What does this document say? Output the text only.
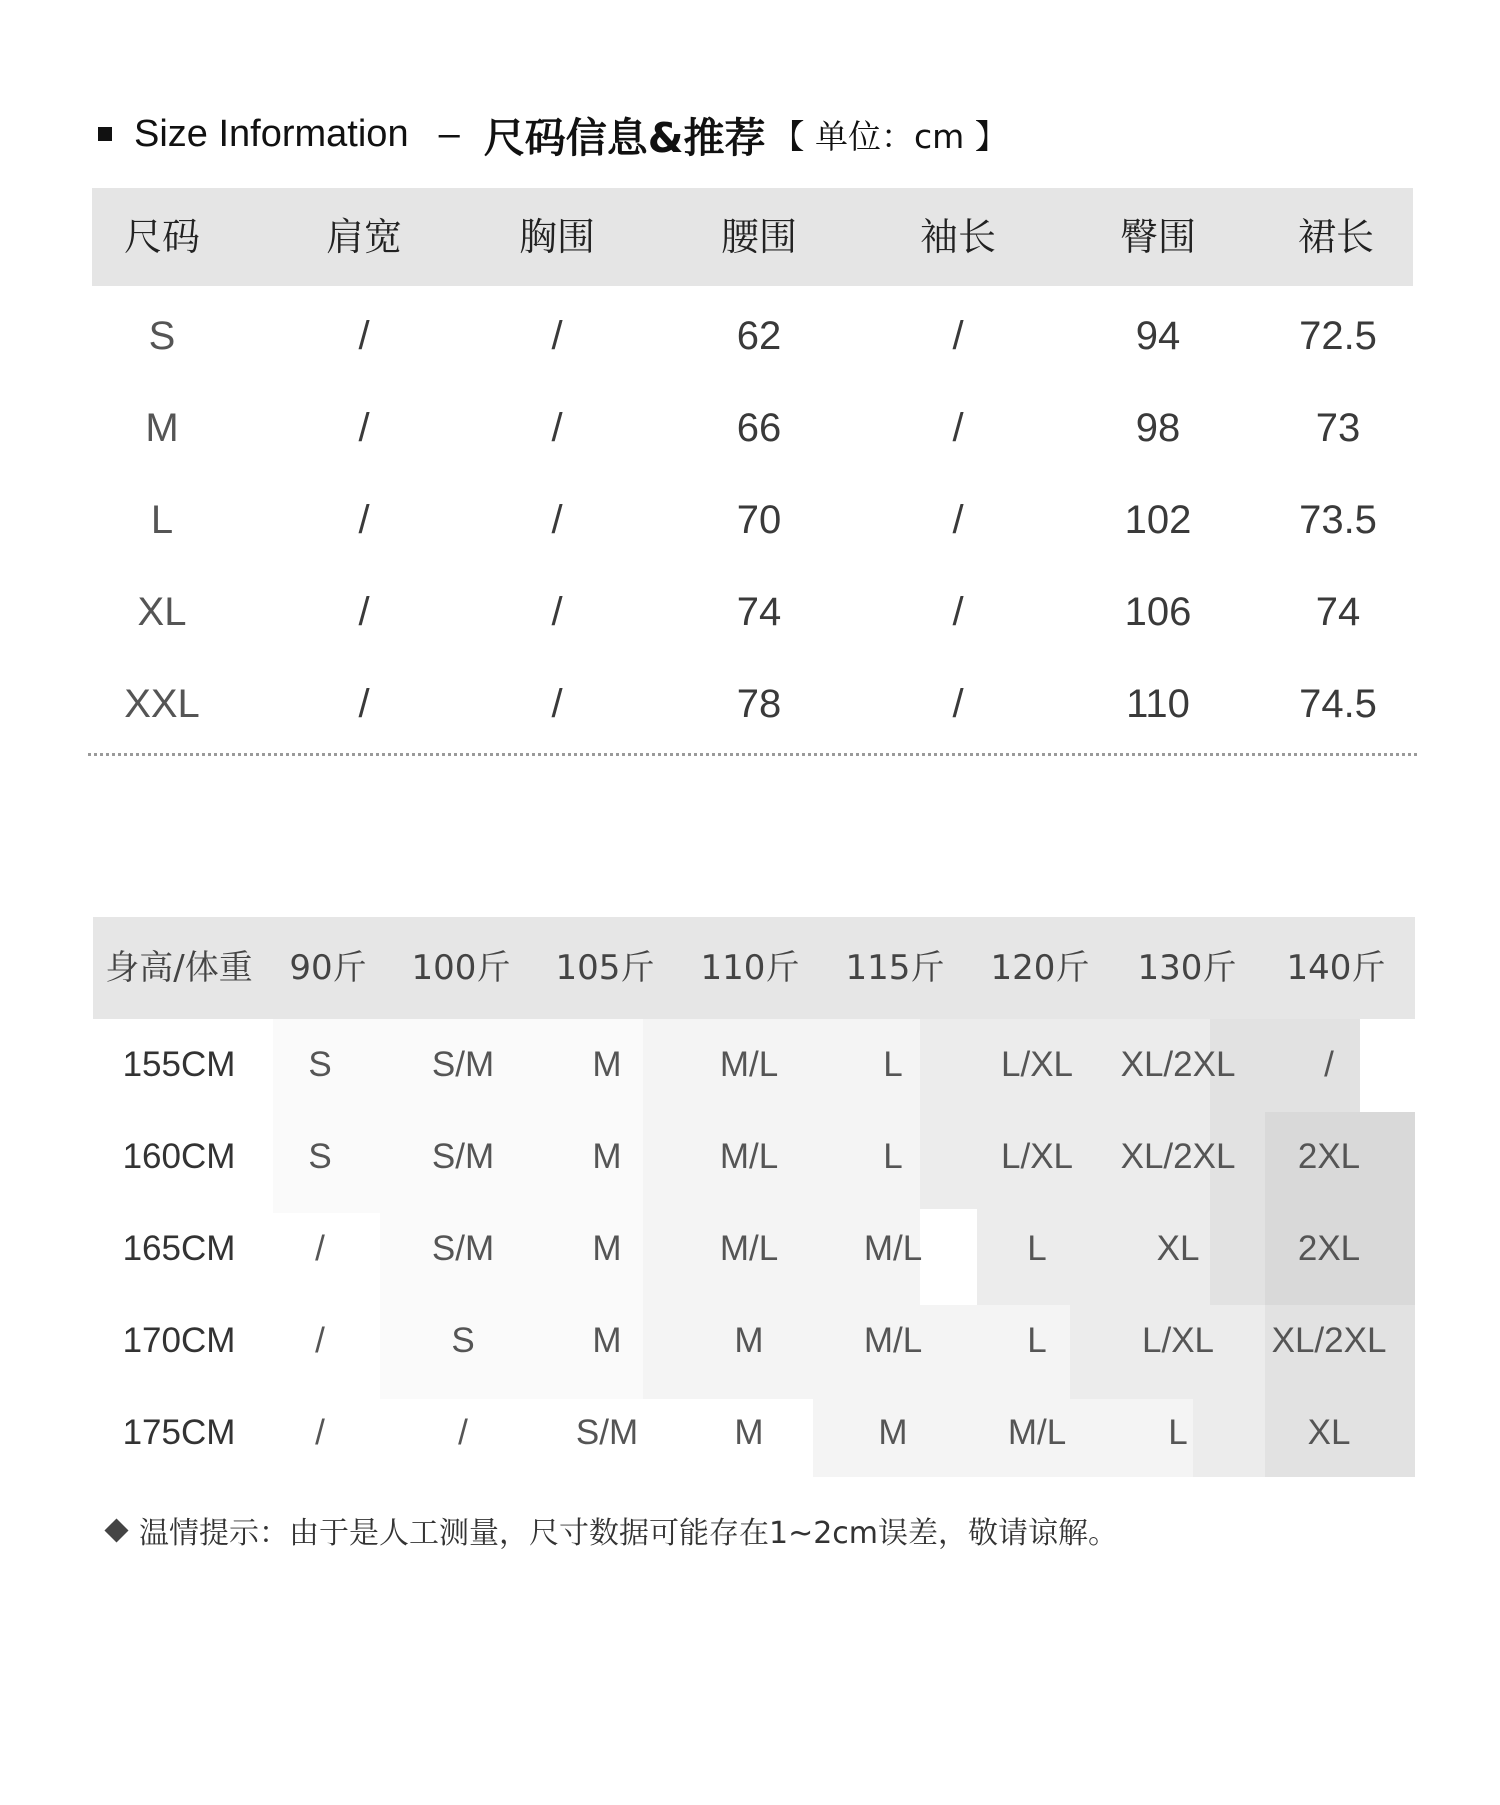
Size Information – 尺码信息&推荐 【 单位：cm 】
尺码	肩宽	胸围	腰围	袖长	臀围	裙长
S	/	/	62	/	94	72.5
M	/	/	66	/	98	73
L	/	/	70	/	102	73.5
XL	/	/	74	/	106	74
XXL	/	/	78	/	110	74.5
身高/体重 90斤 100斤 105斤 110斤 115斤 120斤 130斤 140斤
155CM S	S/M	M	M/L	L	L/XL XL/2XL	/
160CM S	S/M	M	M/L	L	L/XL XL/2XL 2XL
165CM /	S/M	M	M/L M/L	L	XL	2XL
170CM /	S	M	M	M/L	L	L/XL XL/2XL
175CM /	/	S/M	M	M	M/L	L	XL
温情提示：由于是人工测量，尺寸数据可能存在1~2cm误差，敬请谅解。
